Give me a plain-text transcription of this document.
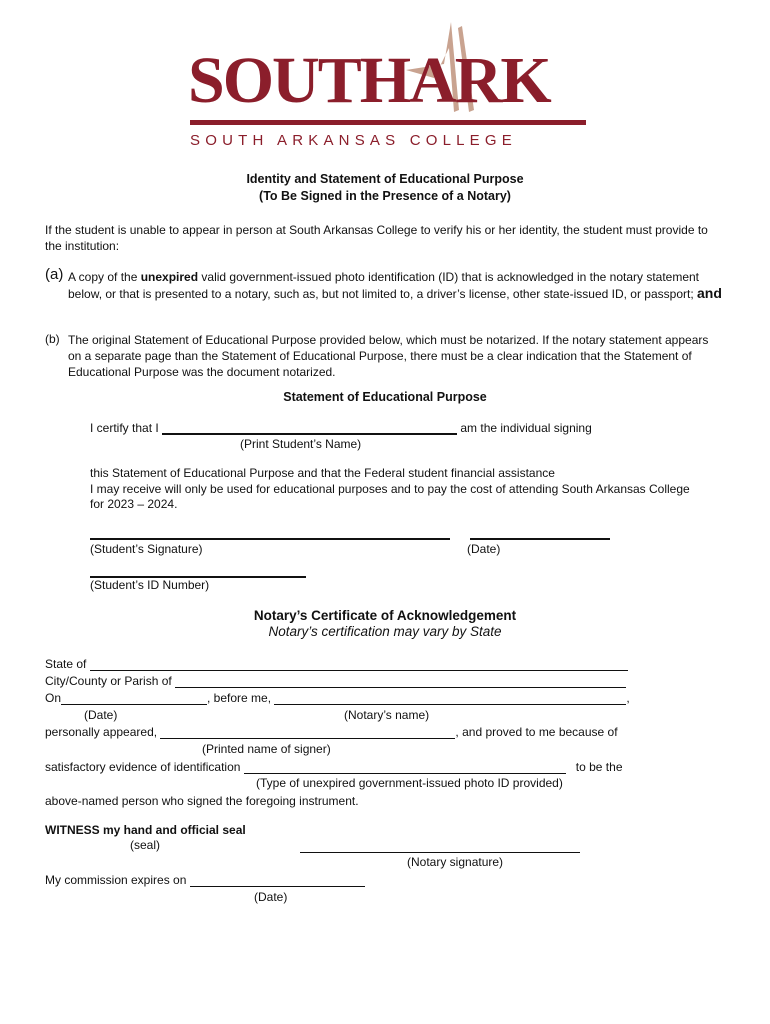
SOUTHARK
SOUTH ARKANSAS COLLEGE
Identity and Statement of Educational Purpose
(To Be Signed in the Presence of a Notary)
If the student is unable to appear in person at South Arkansas College to verify his or her identity, the student must provide to the institution:
(a) A copy of the unexpired valid government-issued photo identification (ID) that is acknowledged in the notary statement below, or that is presented to a notary, such as, but not limited to, a driver’s license, other state-issued ID, or passport; and
(b) The original Statement of Educational Purpose provided below, which must be notarized. If the notary statement appears on a separate page than the Statement of Educational Purpose, there must be a clear indication that the Statement of Educational Purpose was the document notarized.
Statement of Educational Purpose
I certify that I	am the individual signing
(Print Student’s Name)
this Statement of Educational Purpose and that the Federal student financial assistance
I may receive will only be used for educational purposes and to pay the cost of attending South Arkansas College
for 2023 – 2024.
(Student’s Signature)	(Date)
(Student’s ID Number)
Notary’s Certificate of Acknowledgement
Notary’s certification may vary by State
State of
City/County or Parish of
On	, before me,	,
(Date)	(Notary’s name)
personally appeared,	, and proved to me because of
(Printed name of signer)
satisfactory evidence of identification	to be the
(Type of unexpired government-issued photo ID provided)
above-named person who signed the foregoing instrument.
WITNESS my hand and official seal
(seal)
(Notary signature)
My commission expires on
(Date)
